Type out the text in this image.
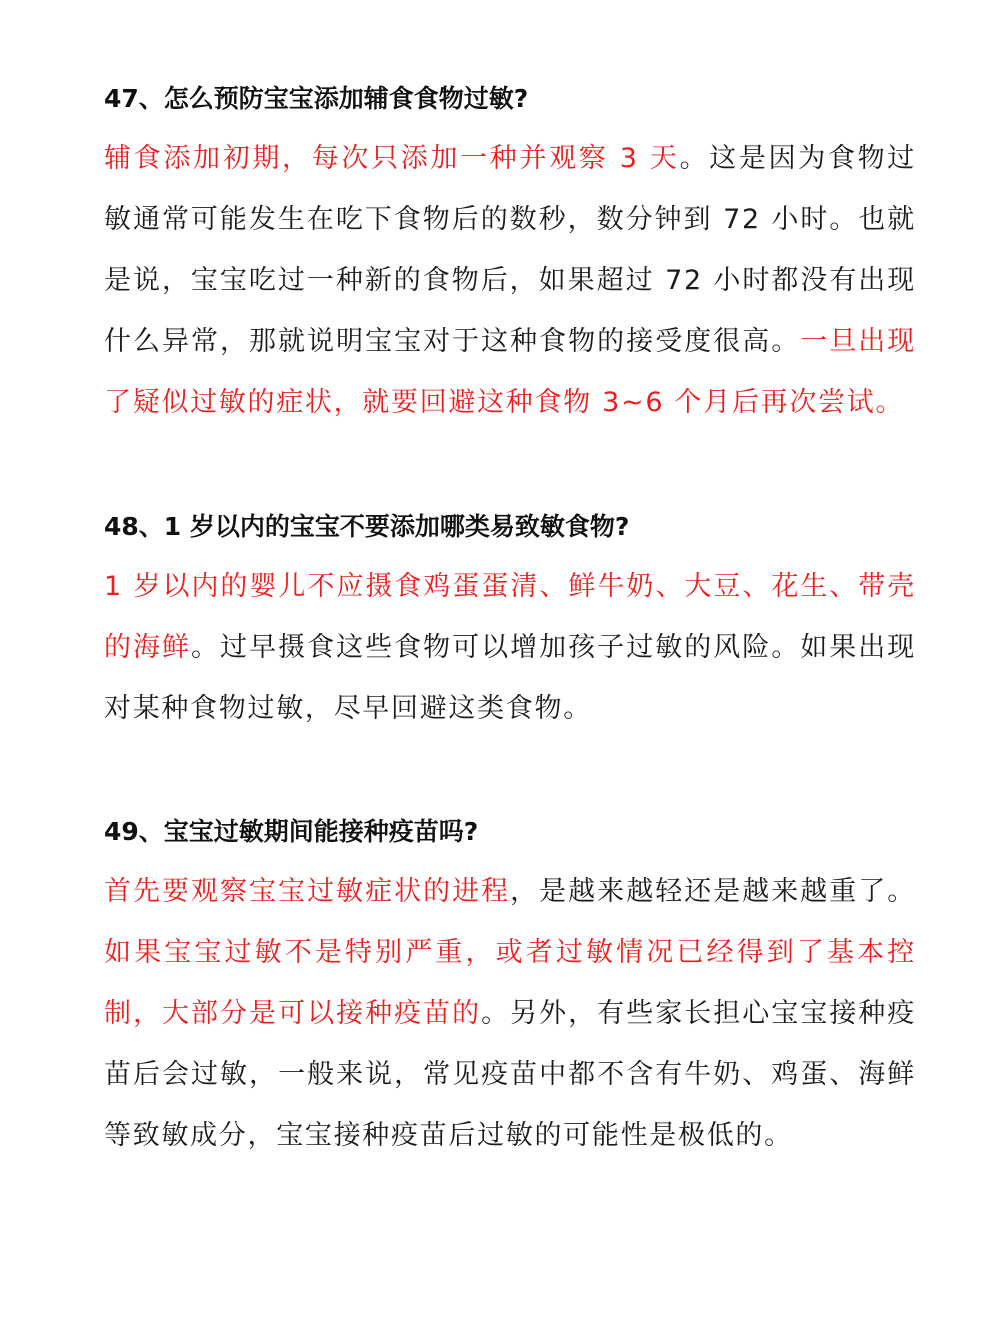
47、怎么预防宝宝添加辅食食物过敏?

辅食添加初期，每次只添加一种并观察 3 天。这是因为食物过敏通常可能发生在吃下食物后的数秒，数分钟到 72 小时。也就是说，宝宝吃过一种新的食物后，如果超过 72 小时都没有出现什么异常，那就说明宝宝对于这种食物的接受度很高。一旦出现了疑似过敏的症状，就要回避这种食物 3~6 个月后再次尝试。

48、1 岁以内的宝宝不要添加哪类易致敏食物?

1 岁以内的婴儿不应摄食鸡蛋蛋清、鲜牛奶、大豆、花生、带壳的海鲜。过早摄食这些食物可以增加孩子过敏的风险。如果出现对某种食物过敏，尽早回避这类食物。

49、宝宝过敏期间能接种疫苗吗?

首先要观察宝宝过敏症状的进程，是越来越轻还是越来越重了。如果宝宝过敏不是特别严重，或者过敏情况已经得到了基本控制，大部分是可以接种疫苗的。另外，有些家长担心宝宝接种疫苗后会过敏，一般来说，常见疫苗中都不含有牛奶、鸡蛋、海鲜等致敏成分，宝宝接种疫苗后过敏的可能性是极低的。
